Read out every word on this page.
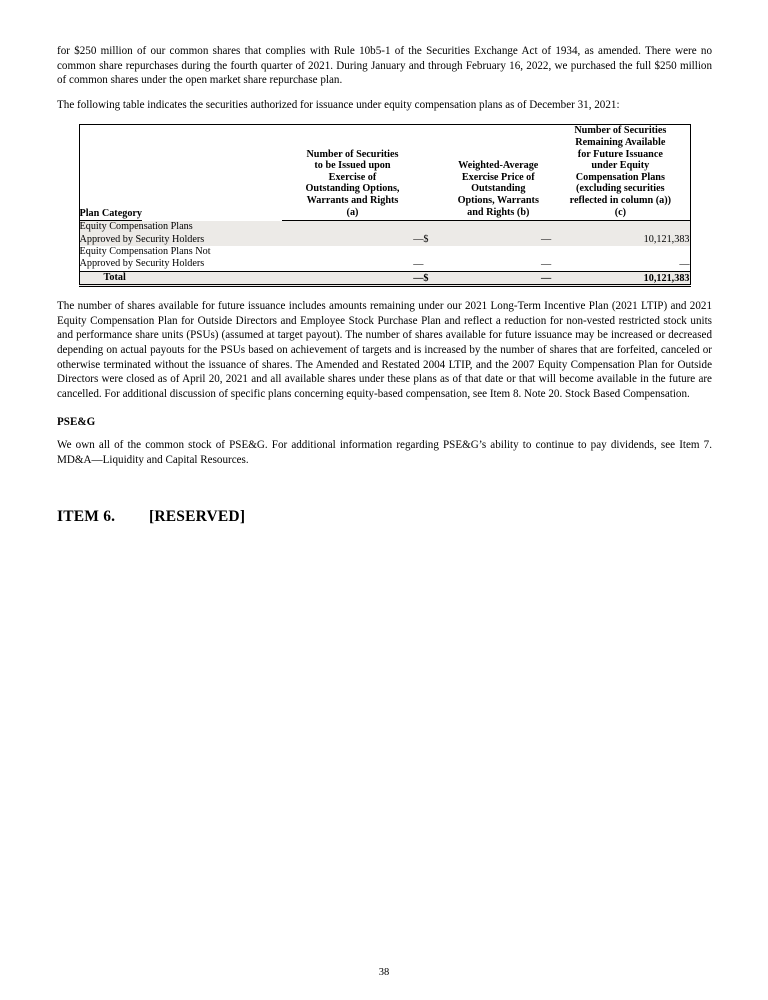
for $250 million of our common shares that complies with Rule 10b5-1 of the Securities Exchange Act of 1934, as amended. There were no common share repurchases during the fourth quarter of 2021. During January and through February 16, 2022, we purchased the full $250 million of common shares under the open market share repurchase plan.

The following table indicates the securities authorized for issuance under equity compensation plans as of December 31, 2021:

Plan Category	
Number of Securities
to be Issued upon
Exercise of
Outstanding Options,
Warrants and Rights
(a)

Weighted-Average
Exercise Price of
Outstanding
Options, Warrants
and Rights (b)

Number of Securities
Remaining Available
for Future Issuance
under Equity
Compensation Plans
(excluding securities
reflected in column (a))
(c)

Equity Compensation Plans
Approved by Security Holders	—	$	—	10,121,383
Equity Compensation Plans Not
Approved by Security Holders	—		—	—
Total	—	$	—	10,121,383

The number of shares available for future issuance includes amounts remaining under our 2021 Long-Term Incentive Plan (2021 LTIP) and 2021 Equity Compensation Plan for Outside Directors and Employee Stock Purchase Plan and reflect a reduction for non-vested restricted stock units and performance share units (PSUs) (assumed at target payout). The number of shares available for future issuance may be increased or decreased depending on actual payouts for the PSUs based on achievement of targets and is increased by the number of shares that are forfeited, canceled or otherwise terminated without the issuance of shares. The Amended and Restated 2004 LTIP, and the 2007 Equity Compensation Plan for Outside Directors were closed as of April 20, 2021 and all available shares under these plans as of that date or that will become available in the future are cancelled. For additional discussion of specific plans concerning equity-based compensation, see Item 8. Note 20. Stock Based Compensation.

PSE&G

We own all of the common stock of PSE&G. For additional information regarding PSE&G’s ability to continue to pay dividends, see Item 7. MD&A—Liquidity and Capital Resources.

ITEM 6. [RESERVED]
38
